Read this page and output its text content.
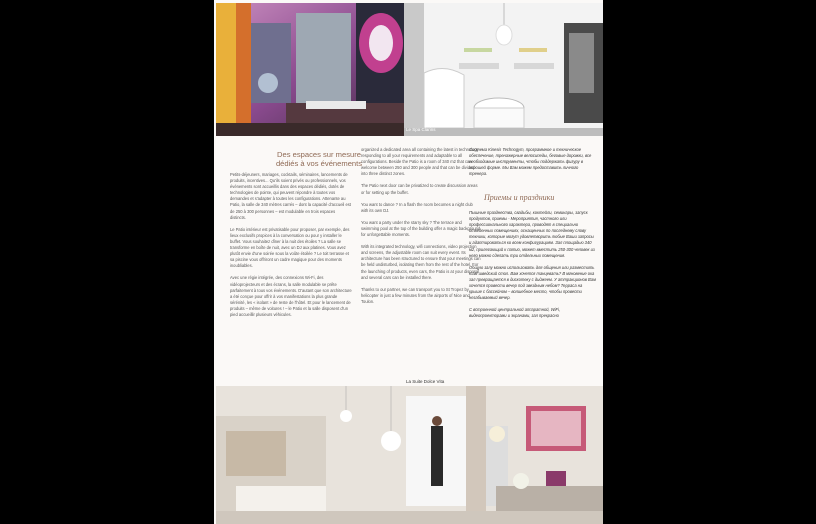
Le Spa Clarins
Des espaces sur mesure
dédiés à vos événements

Petits-déjeuners, mariages, cocktails, séminaires, lancements de produits, incentives... Qu'ils soient privés ou professionnels, vos événements sont accueillis dans des espaces dédiés, dotés de technologies de pointe, qui peuvent répondre à toutes vos demandes et s'adapter à toutes les configurations. Attenante au Patio, la salle de 340 mètres carrés – dont la capacité d'accueil est de 250 à 300 personnes – est modulable en trois espaces distincts.

Le Patio intérieur est privatisable pour proposer, par exemple, des lieux exclusifs propices à la conversation ou pour y installer le buffet. Vous souhaitez dîner à la nuit des étoiles ? La salle se transforme en boîte de nuit, avec un DJ aux platines. Vous avez plutôt envie d'une soirée sous la voûte étoilée ? Le toit terrasse et sa piscine vous offriront un cadre magique pour des moments inoubliables.

Avec une régie intégrée, des connexions Wi-Fi, des vidéoprojecteurs et des écrans, la salle modulable se prête parfaitement à tous vos événements. D'autant que son architecture a été conçue pour offrir à vos manifestations la plus grande sérénité, les « isolant » de reste de l'hôtel. Et pour le lancement de produits – même de voitures ! – le Patio et la salle disposent d'un pied accueillir plusieurs véhicules.

organized a dedicated area all containing the latest in technology responding to all your requirements and adaptable to all configurations. Beside the Patio is a room of 340 m2 that can welcome between 250 and 300 people and that can be divided into three distinct zones.

The Patio next door can be privatized to create discussion areas or for setting up the buffet.

You want to dance ? In a flash the room becomes a night club with its own DJ.

You want a party under the starry sky ? The terrace and swimming pool at the top of the building offer a magic background for unforgettable moments.

With its integrated technology, wifi connections, video projection and screens, the adjustable room can suit every event. Its architecture has been structured to ensure that your meetings can be held undisturbed, isolating them from the rest of the hotel. For the launching of products, even cars, the Patio is at your disposal and several cars can be installed there.

Thanks to our partner, we can transport you to St Tropez by helicopter in just a few minutes from the airports of Nice and Toulon.

Система Kinesis Technogym, программное и техническое обеспечение, тренажерные велосипеды, беговые дорожки, все необходимые инструменты, чтобы поддержать фигуру в хорошей форме. Мы Вам можем предоставить личного тренера.

Приемы и праздники

Пышные празднества, свадьбы, коктейли, семинары, запуск продуктов, приемы - Мероприятия, частного или профессионального характера, проводят в специально отведенных помещениях, оснащенных по последнему слову техники, которые могут удовлетворить любые Ваши запросы и адаптироваться ко всем конфигурациям. Зал площадью 340 м2, прилегающий к патио, может вместить 250-300 человек из него можно сделать три отдельных помещения.

Общую залу можно использовать для общения или разместить там шведский стол. Вам хочется танцевать? В мгновение ока зал превращается в дискотеку с диджеем. У аттракционов Вам хочется провести вечер под звездным небом? Терраса на крыше с бассейном – волшебное место, чтобы провести незабываемый вечер.

С встроенной центральной аппаратной, WiFi, видеопроекторами и экранами, зал прекрасно

La Suite Dolce Vita
